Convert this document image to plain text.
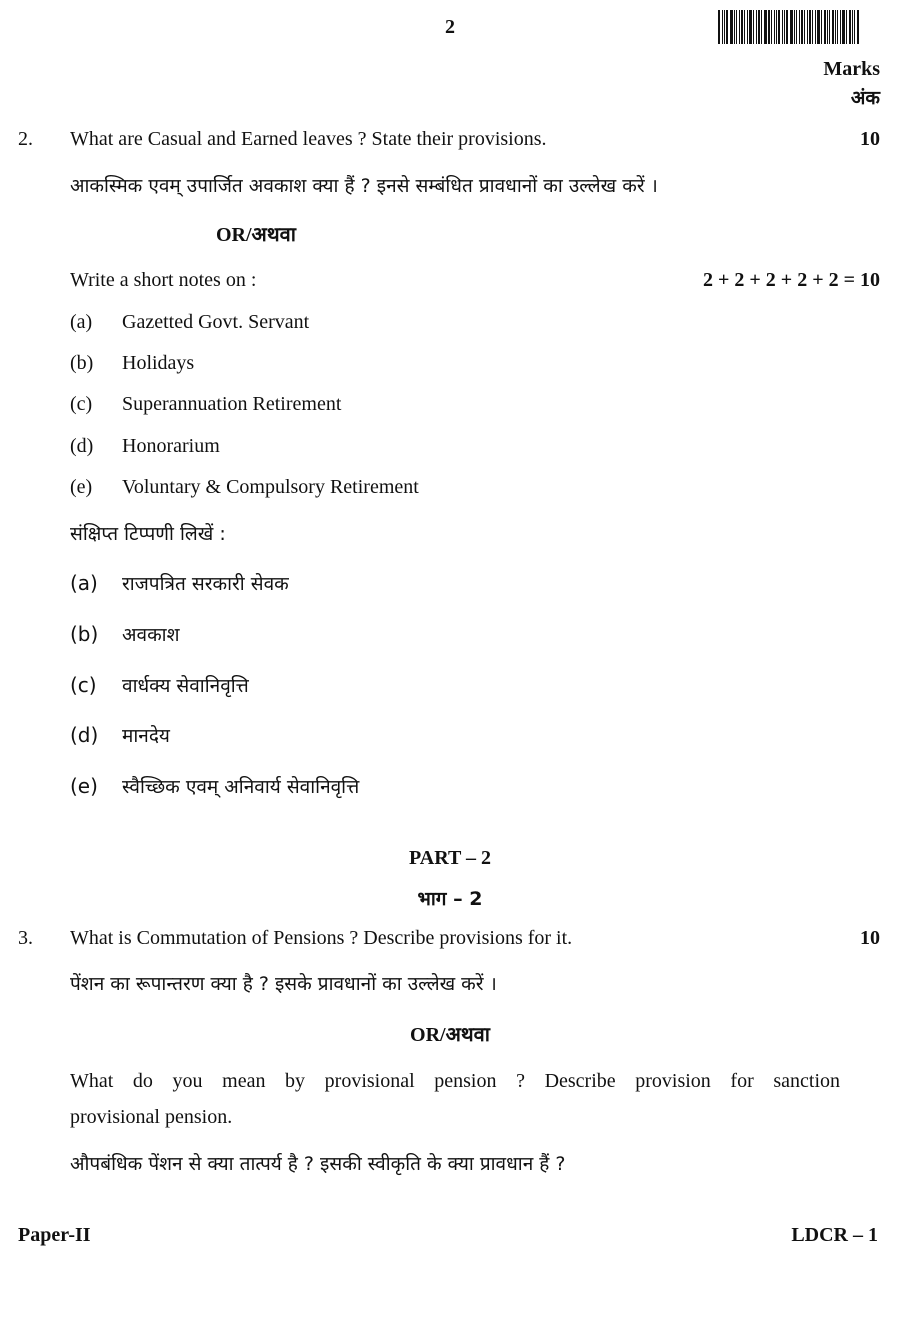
2
Marks
अंक
2. What are Casual and Earned leaves ? State their provisions.	10
आकस्मिक एवम् उपार्जित अवकाश क्या हैं ? इनसे सम्बंधित प्रावधानों का उल्लेख करें ।
OR/अथवा
Write a short notes on :	2 + 2 + 2 + 2 + 2 = 10
(a)	Gazetted Govt. Servant
(b)	Holidays
(c)	Superannuation Retirement
(d)	Honorarium
(e)	Voluntary & Compulsory Retirement
संक्षिप्त टिप्पणी लिखें :
(a)	राजपत्रित सरकारी सेवक
(b)	अवकाश
(c)	वार्धक्य सेवानिवृत्ति
(d)	मानदेय
(e)	स्वैच्छिक एवम् अनिवार्य सेवानिवृत्ति
PART – 2
भाग – 2
3. What is Commutation of Pensions ? Describe provisions for it.	10
पेंशन का रूपान्तरण क्या है ? इसके प्रावधानों का उल्लेख करें ।
OR/अथवा
What do you mean by provisional pension ? Describe provision for sanction
provisional pension.
औपबंधिक पेंशन से क्या तात्पर्य है ? इसकी स्वीकृति के क्या प्रावधान हैं ?
Paper-II	LDCR – 1
